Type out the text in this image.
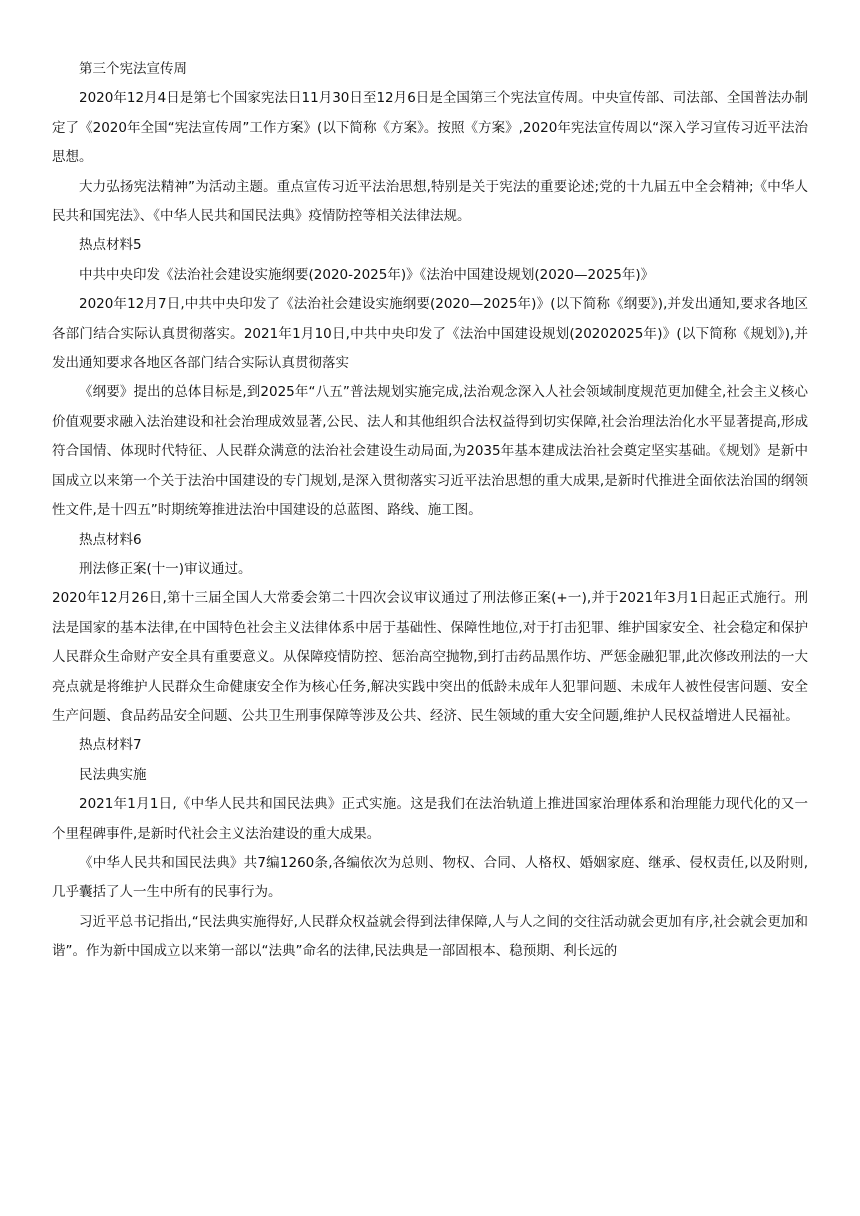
第三个宪法宣传周

2020年12月4日是第七个国家宪法日11月30日至12月6日是全国第三个宪法宣传周。中央宣传部、司法部、全国普法办制定了《2020年全国“宪法宣传周”工作方案》(以下简称《方案》。按照《方案》,2020年宪法宣传周以“深入学习宣传习近平法治思想。

大力弘扬宪法精神”为活动主题。重点宣传习近平法治思想,特别是关于宪法的重要论述;党的十九届五中全会精神;《中华人民共和国宪法》、《中华人民共和国民法典》疫情防控等相关法律法规。

热点材料5

中共中央印发《法治社会建设实施纲要(2020-2025年)》《法治中国建设规划(2020—2025年)》

2020年12月7日,中共中央印发了《法治社会建设实施纲要(2020—2025年)》(以下简称《纲要》),并发出通知,要求各地区各部门结合实际认真贯彻落实。2021年1月10日,中共中央印发了《法治中国建设规划(20202025年)》(以下简称《规划》),并发出通知要求各地区各部门结合实际认真贯彻落实

《纲要》提出的总体目标是,到2025年“八五”普法规划实施完成,法治观念深入人社会领域制度规范更加健全,社会主义核心价值观要求融入法治建设和社会治理成效显著,公民、法人和其他组织合法权益得到切实保障,社会治理法治化水平显著提高,形成符合国情、体现时代特征、人民群众满意的法治社会建设生动局面,为2035年基本建成法治社会奠定坚实基础。《规划》是新中国成立以来第一个关于法治中国建设的专门规划,是深入贯彻落实习近平法治思想的重大成果,是新时代推进全面依法治国的纲领性文件,是十四五”时期统筹推进法治中国建设的总蓝图、路线、施工图。

热点材料6

刑法修正案(十一)审议通过。

2020年12月26日,第十三届全国人大常委会第二十四次会议审议通过了刑法修正案(+一),并于2021年3月1日起正式施行。刑法是国家的基本法律,在中国特色社会主义法律体系中居于基础性、保障性地位,对于打击犯罪、维护国家安全、社会稳定和保护人民群众生命财产安全具有重要意义。从保障疫情防控、惩治高空抛物,到打击药品黑作坊、严惩金融犯罪,此次修改刑法的一大亮点就是将维护人民群众生命健康安全作为核心任务,解决实践中突出的低龄未成年人犯罪问题、未成年人被性侵害问题、安全生产问题、食品药品安全问题、公共卫生刑事保障等涉及公共、经济、民生领域的重大安全问题,维护人民权益增进人民福祉。

热点材料7

民法典实施

2021年1月1日,《中华人民共和国民法典》正式实施。这是我们在法治轨道上推进国家治理体系和治理能力现代化的又一个里程碑事件,是新时代社会主义法治建设的重大成果。

《中华人民共和国民法典》共7编1260条,各编依次为总则、物权、合同、人格权、婚姻家庭、继承、侵权责任,以及附则,几乎囊括了人一生中所有的民事行为。

习近平总书记指出,“民法典实施得好,人民群众权益就会得到法律保障,人与人之间的交往活动就会更加有序,社会就会更加和谐”。作为新中国成立以来第一部以“法典”命名的法律,民法典是一部固根本、稳预期、利长远的
